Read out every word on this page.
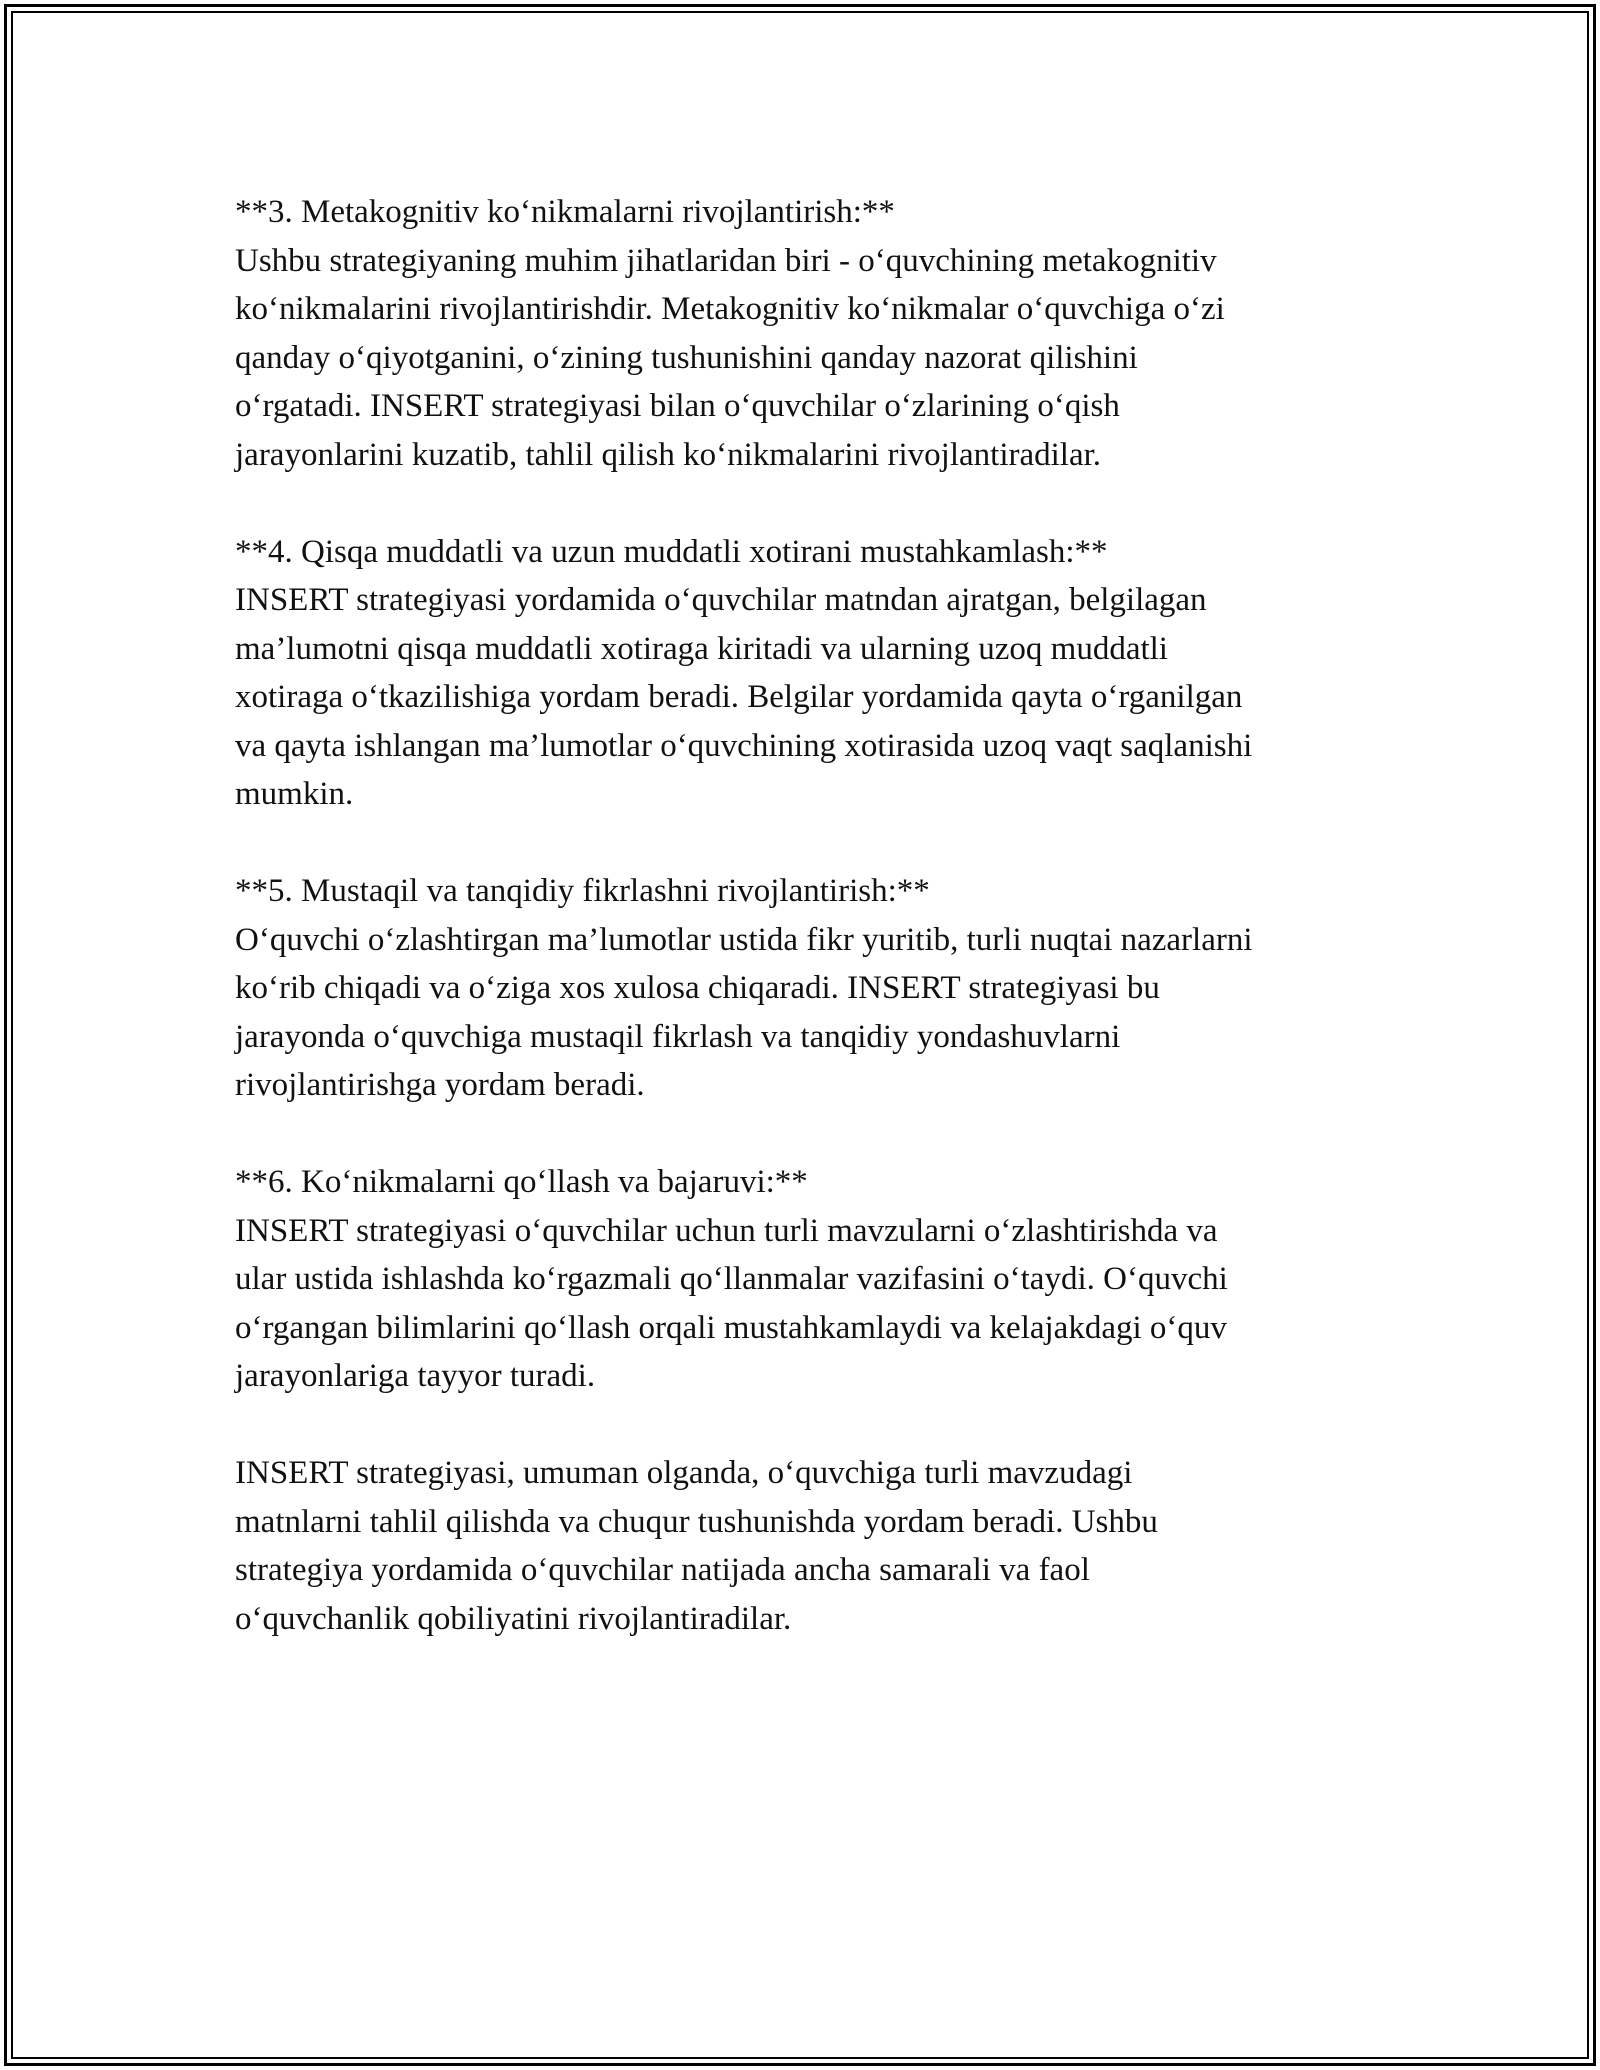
**3. Metakognitiv ko‘nikmalarni rivojlantirish:**
Ushbu strategiyaning muhim jihatlaridan biri - o‘quvchining metakognitiv
ko‘nikmalarini rivojlantirishdir. Metakognitiv ko‘nikmalar o‘quvchiga o‘zi
qanday o‘qiyotganini, o‘zining tushunishini qanday nazorat qilishini
o‘rgatadi. INSERT strategiyasi bilan o‘quvchilar o‘zlarining o‘qish
jarayonlarini kuzatib, tahlil qilish ko‘nikmalarini rivojlantiradilar.
**4. Qisqa muddatli va uzun muddatli xotirani mustahkamlash:**
INSERT strategiyasi yordamida o‘quvchilar matndan ajratgan, belgilagan
ma’lumotni qisqa muddatli xotiraga kiritadi va ularning uzoq muddatli
xotiraga o‘tkazilishiga yordam beradi. Belgilar yordamida qayta o‘rganilgan
va qayta ishlangan ma’lumotlar o‘quvchining xotirasida uzoq vaqt saqlanishi
mumkin.
**5. Mustaqil va tanqidiy fikrlashni rivojlantirish:**
O‘quvchi o‘zlashtirgan ma’lumotlar ustida fikr yuritib, turli nuqtai nazarlarni
ko‘rib chiqadi va o‘ziga xos xulosa chiqaradi. INSERT strategiyasi bu
jarayonda o‘quvchiga mustaqil fikrlash va tanqidiy yondashuvlarni
rivojlantirishga yordam beradi.
**6. Ko‘nikmalarni qo‘llash va bajaruvi:**
INSERT strategiyasi o‘quvchilar uchun turli mavzularni o‘zlashtirishda va
ular ustida ishlashda ko‘rgazmali qo‘llanmalar vazifasini o‘taydi. O‘quvchi
o‘rgangan bilimlarini qo‘llash orqali mustahkamlaydi va kelajakdagi o‘quv
jarayonlariga tayyor turadi.
INSERT strategiyasi, umuman olganda, o‘quvchiga turli mavzudagi
matnlarni tahlil qilishda va chuqur tushunishda yordam beradi. Ushbu
strategiya yordamida o‘quvchilar natijada ancha samarali va faol
o‘quvchanlik qobiliyatini rivojlantiradilar.
